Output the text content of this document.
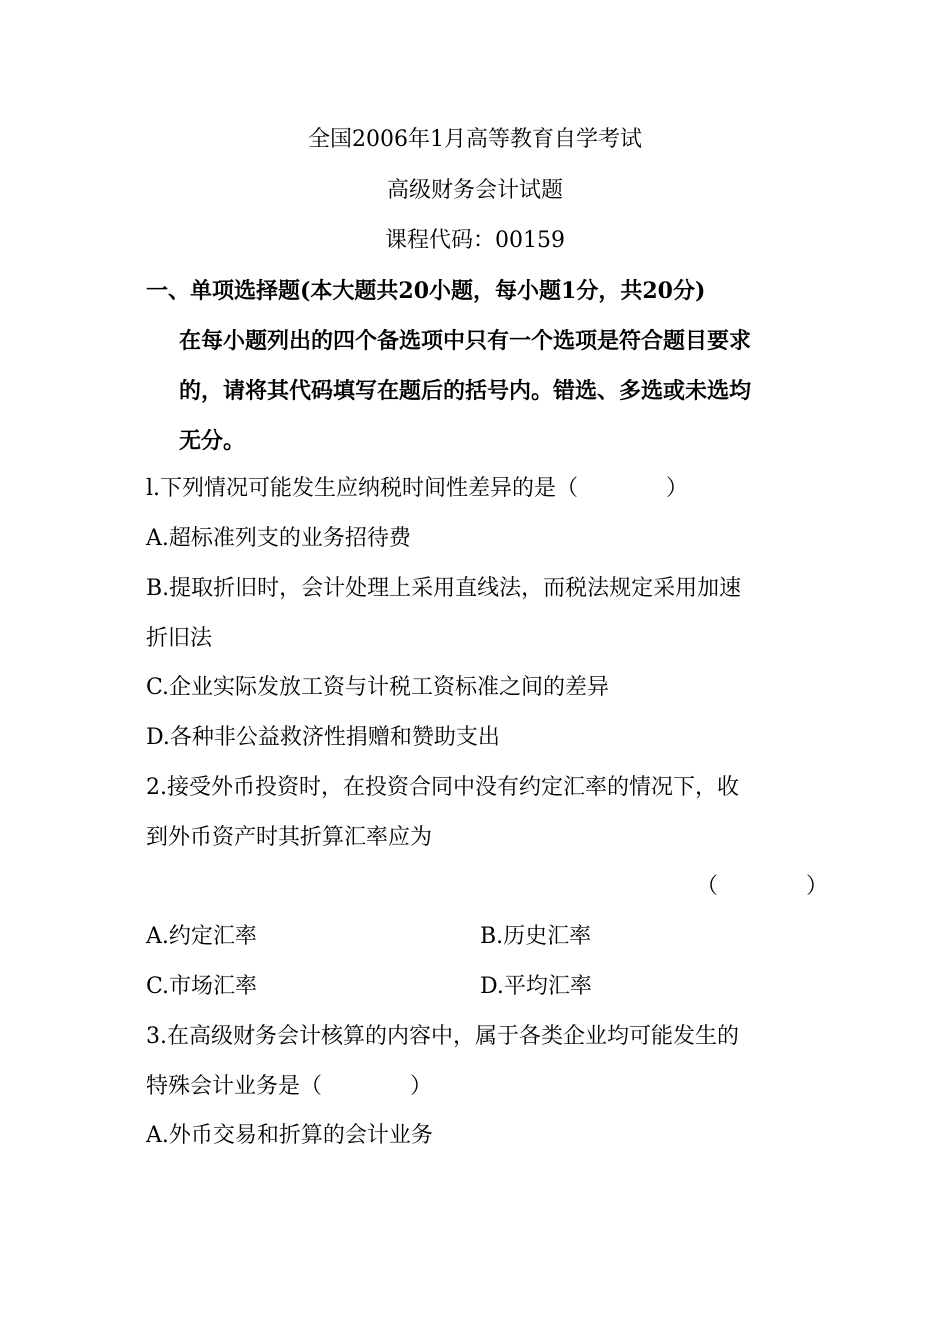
全国2006年1月高等教育自学考试
高级财务会计试题
课程代码：00159
一、单项选择题(本大题共20小题，每小题1分，共20分)
在每小题列出的四个备选项中只有一个选项是符合题目要求
的，请将其代码填写在题后的括号内。错选、多选或未选均
无分。
l.下列情况可能发生应纳税时间性差异的是（　　　　）
A.超标准列支的业务招待费
B.提取折旧时，会计处理上采用直线法，而税法规定采用加速
折旧法
C.企业实际发放工资与计税工资标准之间的差异
D.各种非公益救济性捐赠和赞助支出
2.接受外币投资时，在投资合同中没有约定汇率的情况下，收
到外币资产时其折算汇率应为
（　　　　）
A.约定汇率	B.历史汇率
C.市场汇率	D.平均汇率
3.在高级财务会计核算的内容中，属于各类企业均可能发生的
特殊会计业务是（　　　　）
A.外币交易和折算的会计业务
